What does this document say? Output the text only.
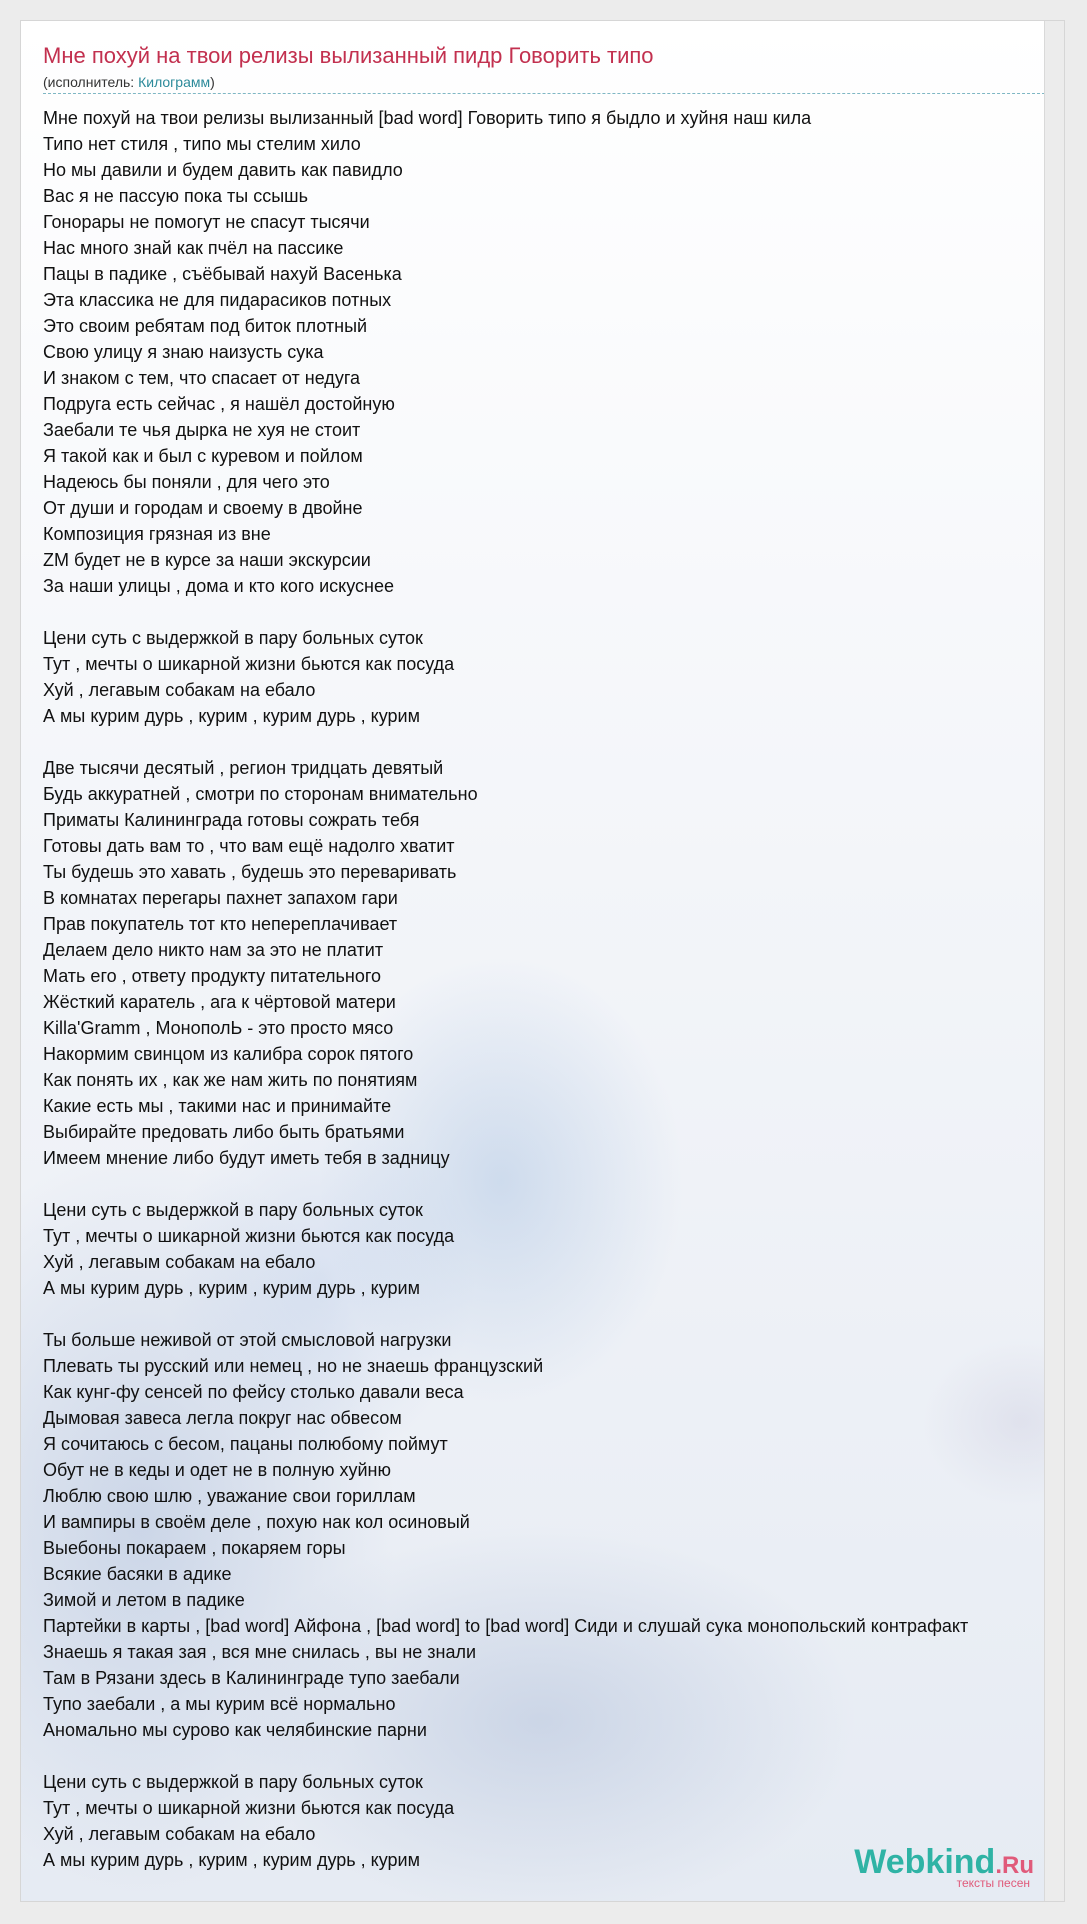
Мне похуй на твои релизы вылизанный пидр Говорить типо
(исполнитель: Килограмм)
Мне похуй на твои релизы вылизанный [bad word] Говорить типо я быдло и хуйня наш кила
Типо нет стиля , типо мы стелим хило
Но мы давили и будем давить как павидло
Вас я не пассую пока ты ссышь
Гонорары не помогут не спасут тысячи
Нас много знай как пчёл на пассике
Пацы в падике , съёбывай нахуй Васенька
Эта классика не для пидарасиков потных
Это своим ребятам под биток плотный
Свою улицу я знаю наизусть сука
И знаком с тем, что спасает от недуга
Подруга есть сейчас , я нашёл достойную
Заебали те чья дырка не хуя не стоит
Я такой как и был с куревом и пойлом
Надеюсь бы поняли , для чего это
От души и городам и своему в двойне
Композиция грязная из вне
ZM будет не в курсе за наши экскурсии
За наши улицы , дома и кто кого искуснее
Цени суть с выдержкой в пару больных суток
Тут , мечты о шикарной жизни бьются как посуда
Хуй , легавым собакам на ебало
А мы курим дурь , курим , курим дурь , курим
Две тысячи десятый , регион тридцать девятый
Будь аккуратней , смотри по сторонам внимательно
Приматы Калининграда готовы сожрать тебя
Готовы дать вам то , что вам ещё надолго хватит
Ты будешь это хавать , будешь это переваривать
В комнатах перегары пахнет запахом гари
Прав покупатель тот кто непереплачивает
Делаем дело никто нам за это не платит
Мать его , ответу продукту питательного
Жёсткий каратель , ага к чёртовой матери
Killa'Gramm , МонополЬ - это просто мясо
Накормим свинцом из калибра сорок пятого
Как понять их , как же нам жить по понятиям
Какие есть мы , такими нас и принимайте
Выбирайте предовать либо быть братьями
Имеем мнение либо будут иметь тебя в задницу
Цени суть с выдержкой в пару больных суток
Тут , мечты о шикарной жизни бьются как посуда
Хуй , легавым собакам на ебало
А мы курим дурь , курим , курим дурь , курим
Ты больше неживой от этой смысловой нагрузки
Плевать ты русский или немец , но не знаешь французский
Как кунг-фу сенсей по фейсу столько давали веса
Дымовая завеса легла покруг нас обвесом
Я сочитаюсь с бесом, пацаны полюбому поймут
Обут не в кеды и одет не в полную хуйню
Люблю свою шлю , уважание свои гориллам
И вампиры в своём деле , похую нак кол осиновый
Выебоны покараем , покаряем горы
Всякие басяки в адике
Зимой и летом в падике
Партейки в карты , [bad word] Айфона , [bad word] to [bad word] Сиди и слушай сука монопольский контрафакт
Знаешь я такая зая , вся мне снилась , вы не знали
Там в Рязани здесь в Калининграде тупо заебали
Тупо заебали , а мы курим всё нормально
Аномально мы сурово как челябинские парни
Цени суть с выдержкой в пару больных суток
Тут , мечты о шикарной жизни бьются как посуда
Хуй , легавым собакам на ебало
А мы курим дурь , курим , курим дурь , курим	Webkind.Ru
тексты песен
